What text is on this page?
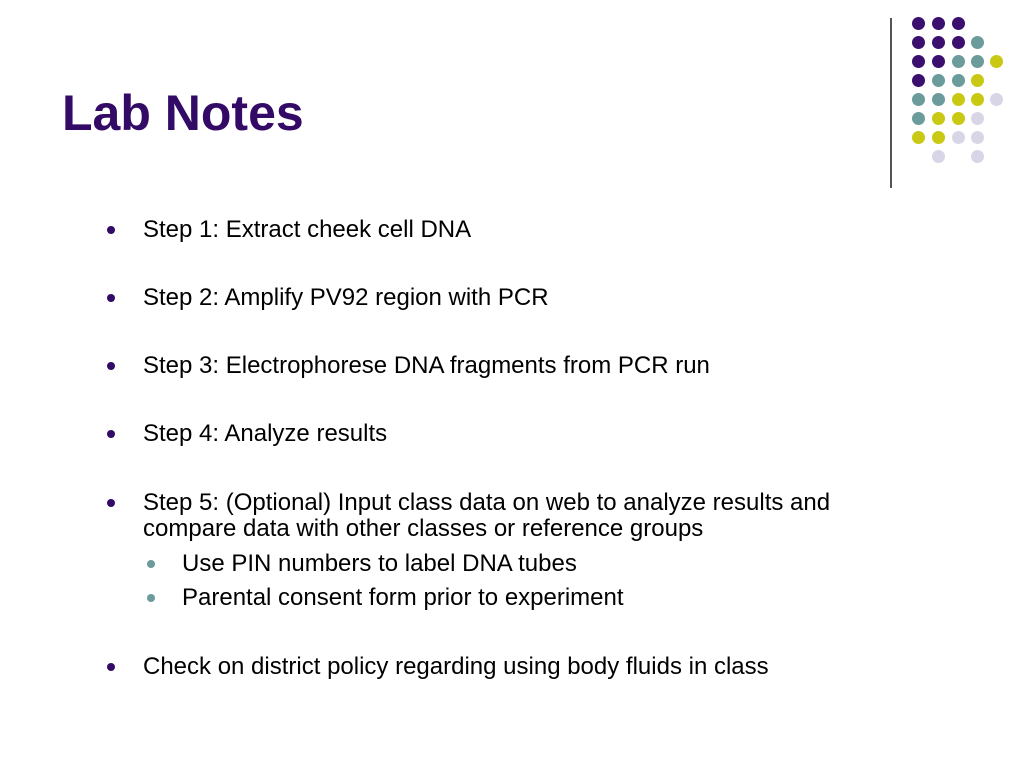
Lab Notes
Step 1: Extract cheek cell DNA
Step 2: Amplify PV92 region with PCR
Step 3: Electrophorese DNA fragments from PCR run
Step 4: Analyze results
Step 5: (Optional) Input class data on web to analyze results and compare data with other classes or reference groups
Use PIN numbers to label DNA tubes
Parental consent form prior to experiment
Check on district policy regarding using body fluids in class
